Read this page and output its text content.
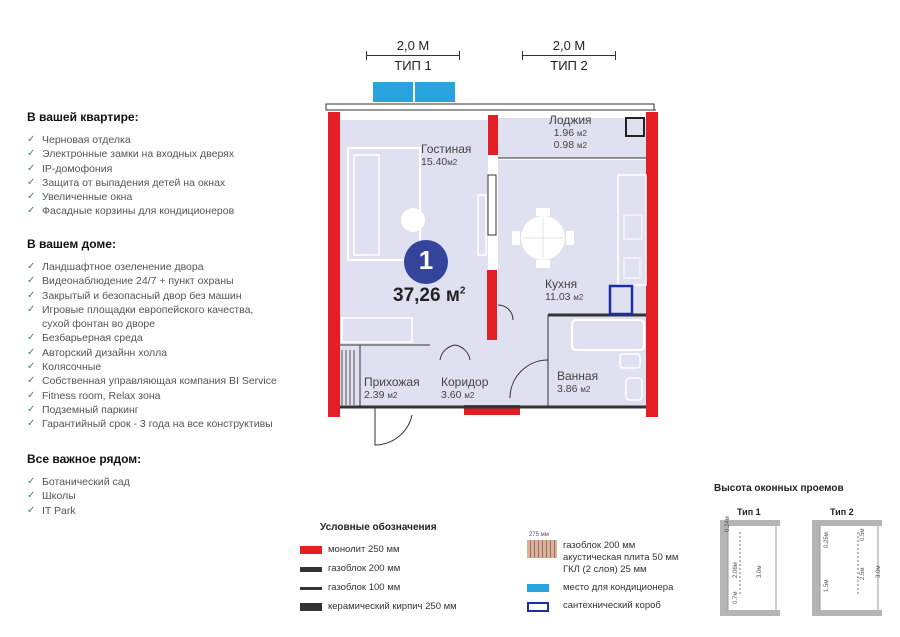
В вашей квартире:
✓ Черновая отделка
✓ Электронные замки на входных дверях
✓ IP-домофония
✓ Защита от выпадения детей на окнах
✓ Увеличенные окна
✓ Фасадные корзины для кондиционеров
В вашем доме:
✓ Ландшафтное озеленение двора
✓ Видеонаблюдение 24/7 + пункт охраны
✓ Закрытый и безопасный двор без машин
✓ Игровые площадки европейского качества,
сухой фонтан во дворе
✓ Безбарьерная среда
✓ Авторский дизайнн холла
✓ Колясочные
✓ Собственная управляющая компания BI Service
✓ Fitness room, Relax зона
✓ Подземный паркинг
✓ Гарантийный срок - 3 года на все конструктивы
Все важное рядом:
✓ Ботанический сад
✓ Школы
✓ IT Park
2,0 М
ТИП 1
2,0 М
ТИП 2
1
37,26 $м^2$
Гостиная
15.40м2
Лоджия
1.96 м2
0.98 м2
Кухня
11.03 м2
Ванная
3.86 м2
Прихожая
2.39 м2
Коридор
3.60 м2
Условные обозначения
монолит 250 мм
газоблок 200 мм
газоблок 100 мм
керамический кирпич 250 мм
275 мм
газоблок 200 мм
акустическая плита 50 мм
ГКЛ (2 слоя) 25 мм
место для кондиционера
сантехнический короб
Высота оконных проемов
Тип 1	Тип 2
0.24м
2.06м
0.7м
3.0м
0.25м	0.5м
2.5м
1.5м
3.0м
